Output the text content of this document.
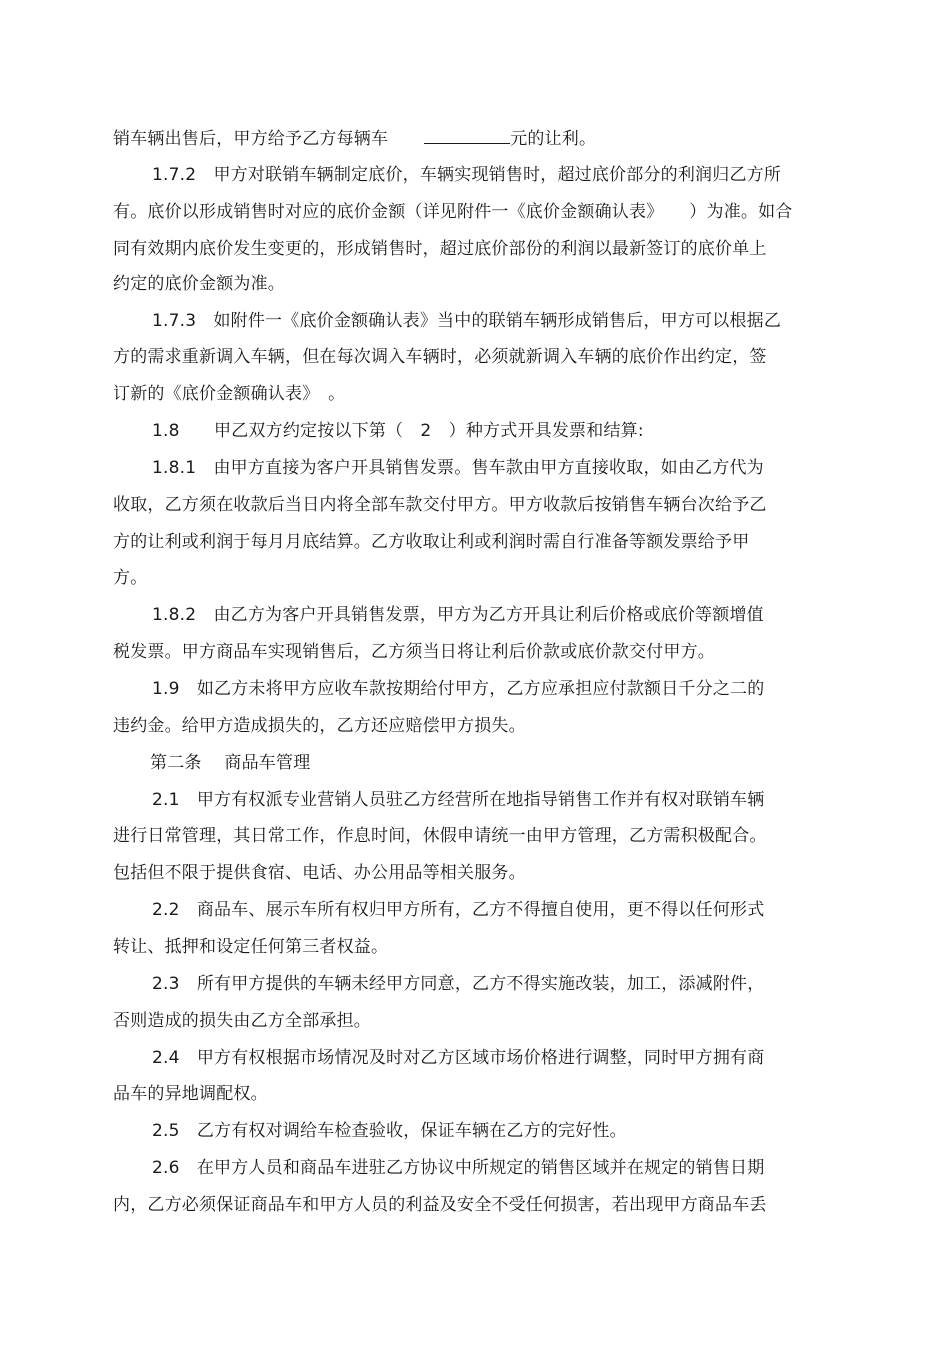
销车辆出售后，甲方给予乙方每辆车	元的让利。
1.7.2　甲方对联销车辆制定底价，车辆实现销售时，超过底价部分的利润归乙方所
有。底价以形成销售时对应的底价金额（详见附件一《底价金额确认表》　　）为准。如合
同有效期内底价发生变更的，形成销售时，超过底价部份的利润以最新签订的底价单上
约定的底价金额为准。
1.7.3　如附件一《底价金额确认表》当中的联销车辆形成销售后，甲方可以根据乙
方的需求重新调入车辆，但在每次调入车辆时，必须就新调入车辆的底价作出约定，签
订新的《底价金额确认表》　。
1.8　　甲乙双方约定按以下第（　2　）种方式开具发票和结算:
1.8.1　由甲方直接为客户开具销售发票。售车款由甲方直接收取，如由乙方代为
收取，乙方须在收款后当日内将全部车款交付甲方。甲方收款后按销售车辆台次给予乙
方的让利或利润于每月月底结算。乙方收取让利或利润时需自行准备等额发票给予甲
方。
1.8.2　由乙方为客户开具销售发票，甲方为乙方开具让利后价格或底价等额增值
税发票。甲方商品车实现销售后，乙方须当日将让利后价款或底价款交付甲方。
1.9　如乙方未将甲方应收车款按期给付甲方，乙方应承担应付款额日千分之二的
违约金。给甲方造成损失的，乙方还应赔偿甲方损失。
第二条　 商品车管理
2.1　甲方有权派专业营销人员驻乙方经营所在地指导销售工作并有权对联销车辆
进行日常管理，其日常工作，作息时间，休假申请统一由甲方管理，乙方需积极配合。
包括但不限于提供食宿、电话、办公用品等相关服务。
2.2　商品车、展示车所有权归甲方所有，乙方不得擅自使用，更不得以任何形式
转让、抵押和设定任何第三者权益。
2.3　所有甲方提供的车辆未经甲方同意，乙方不得实施改装，加工，添减附件，
否则造成的损失由乙方全部承担。
2.4　甲方有权根据市场情况及时对乙方区域市场价格进行调整，同时甲方拥有商
品车的异地调配权。
2.5　乙方有权对调给车检查验收，保证车辆在乙方的完好性。
2.6　在甲方人员和商品车进驻乙方协议中所规定的销售区域并在规定的销售日期
内，乙方必须保证商品车和甲方人员的利益及安全不受任何损害，若出现甲方商品车丢
